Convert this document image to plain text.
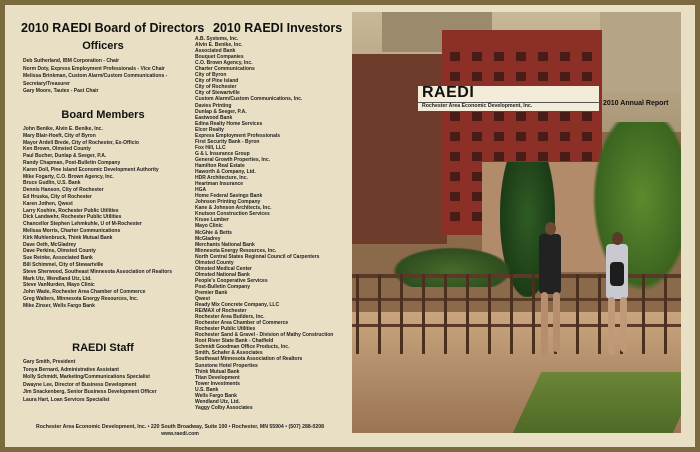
2010 RAEDI Board of Directors
Officers
Deb Sutherland, IBM Corporation - Chair
Norm Doty, Express Employment Professionals - Vice Chair
Melissa Brinkman, Custom Alarm/Custom Communications -
Secretary/Treasurer
Gary Moore, Tautex - Past Chair
Board Members
John Benike, Alvin E. Benike, Inc.
Mary Blair-Hoeft, City of Byron
Mayor Ardell Brede, City of Rochester, Ex-Officio
Ken Brown, Olmsted County
Paul Bucher, Dunlap & Seeger, P.A.
Randy Chapman, Post-Bulletin Company
Karen Doll, Pine Island Economic Development Authority
Mike Fogarty, C.O. Brown Agency, Inc.
Bruce Gudlin, U.S. Bank
Dennis Hanson, City of Rochester
Ed Hruska, City of Rochester
Karen Jothen, Qwest
Larry Koshire, Rochester Public Utilities
Dick Landwehr, Rochester Public Utilities
Chancellor Stephen Lehmkuhle, U of M-Rochester
Melissa Morris, Charter Communications
Kirk Muhlenbruck, Think Mutual Bank
Dave Oeth, McGladrey
Dave Perkins, Olmsted County
Sue Reinke, Associated Bank
Bill Schimmel, City of Stewartville
Steve Sherwood, Southeast Minnesota Association of Realtors
Mark Utz, Wendland Utz, Ltd.
Steve VanNurden, Mayo Clinic
John Wade, Rochester Area Chamber of Commerce
Greg Walters, Minnesota Energy Resources, Inc.
Mike Zinser, Wells Fargo Bank
RAEDI Staff
Gary Smith, President
Tonya Bernard, Administrative Assistant
Molly Schmidt, Marketing/Communications Specialist
Dwayne Lee, Director of Business Development
Jim Snackenberg, Senior Business Development Officer
Laura Hart, Loan Services Specialist
2010 RAEDI Investors
A.B. Systems, Inc.
Alvin E. Benike, Inc.
Associated Bank
Bouquet Companies
C.O. Brown Agency, Inc.
Charter Communications
City of Byron
City of Pine Island
City of Rochester
City of Stewartville
Custom Alarm/Custom Communications, Inc.
Davies Printing
Dunlap & Seeger, P.A.
Eastwood Bank
Edina Realty Home Services
Elcor Realty
Express Employment Professionals
First Security Bank - Byron
Fox Hill, LLC
G & L Insurance Group
General Growth Properties, Inc.
Hamilton Real Estate
Haworth & Company, Ltd.
HDR Architecture, Inc.
Heartman Insurance
HGA
Home Federal Savings Bank
Johnson Printing Company
Kane & Johnson Architects, Inc.
Knutson Construction Services
Kruse Lumber
Mayo Clinic
McGhie & Betts
McGladrey
Merchants National Bank
Minnesota Energy Resources, Inc.
North Central States Regional Council of Carpenters
Olmsted County
Olmsted Medical Center
Olmsted National Bank
People's Cooperative Services
Post-Bulletin Company
Premier Bank
Qwest
Ready Mix Concrete Company, LLC
RE/MAX of Rochester
Rochester Area Builders, Inc.
Rochester Area Chamber of Commerce
Rochester Public Utilities
Rochester Sand & Gravel - Division of Mathy Construction
Root River State Bank - Chatfield
Schmidt Goodman Office Products, Inc.
Smith, Schafer & Associates
Southeast Minnesota Association of Realtors
Sunstone Hotel Properties
Think Mutual Bank
Titan Development
Tower Investments
U.S. Bank
Wells Fargo Bank
Wendland Utz, Ltd.
Yaggy Colby Associates
Rochester Area Economic Development, Inc. • 220 South Broadway, Suite 100 • Rochester, MN 55904 • (507) 288-0208
www.raedi.com
RAEDI
Rochester Area Economic Development, Inc.	2010 Annual Report
